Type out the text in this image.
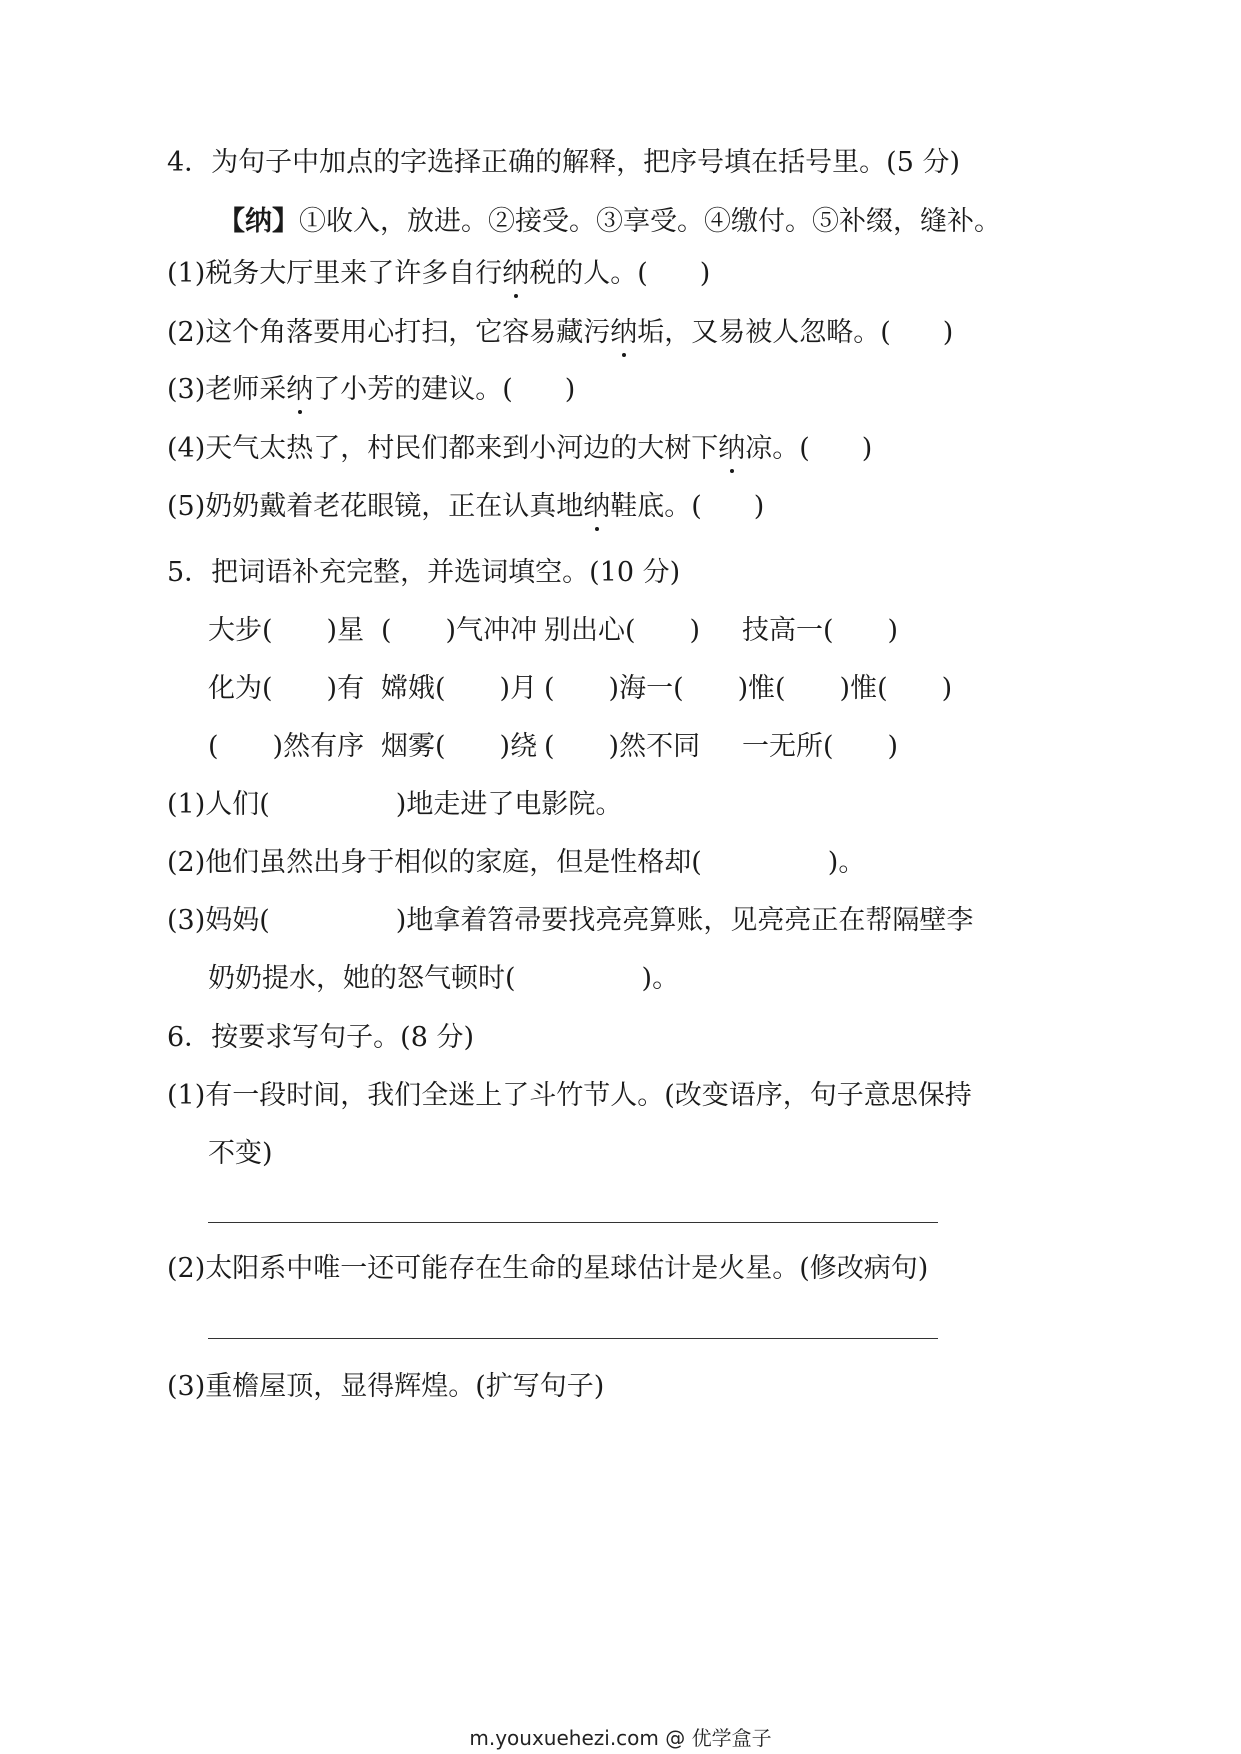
4．为句子中加点的字选择正确的解释，把序号填在括号里。(5 分)
【纳】①收入，放进。②接受。③享受。④缴付。⑤补缀，缝补。
(1)税务大厅里来了许多自行纳税的人。( )
(2)这个角落要用心打扫，它容易藏污纳垢，又易被人忽略。( )
(3)老师采纳了小芳的建议。( )
(4)天气太热了，村民们都来到小河边的大树下纳凉。( )
(5)奶奶戴着老花眼镜，正在认真地纳鞋底。( )
5．把词语补充完整，并选词填空。(10 分)
大步(　　)星 (　　)气冲冲 别出心(　　) 技高一(　　)
化为(　　)有 嫦娥(　　)月 (　　)海一(　　) 惟(　　)惟(　　)
(　　)然有序 烟雾(　　)绕 (　　)然不同 一无所(　　)
(1)人们(	)地走进了电影院。
(2)他们虽然出身于相似的家庭，但是性格却(	)。
(3)妈妈(	)地拿着笤帚要找亮亮算账，见亮亮正在帮隔壁李
奶奶提水，她的怒气顿时(	)。
6．按要求写句子。(8 分)
(1)有一段时间，我们全迷上了斗竹节人。(改变语序，句子意思保持
不变)
(2)太阳系中唯一还可能存在生命的星球估计是火星。(修改病句)
(3)重檐屋顶，显得辉煌。(扩写句子)
m.youxuehezi.com @ 优学盒子
